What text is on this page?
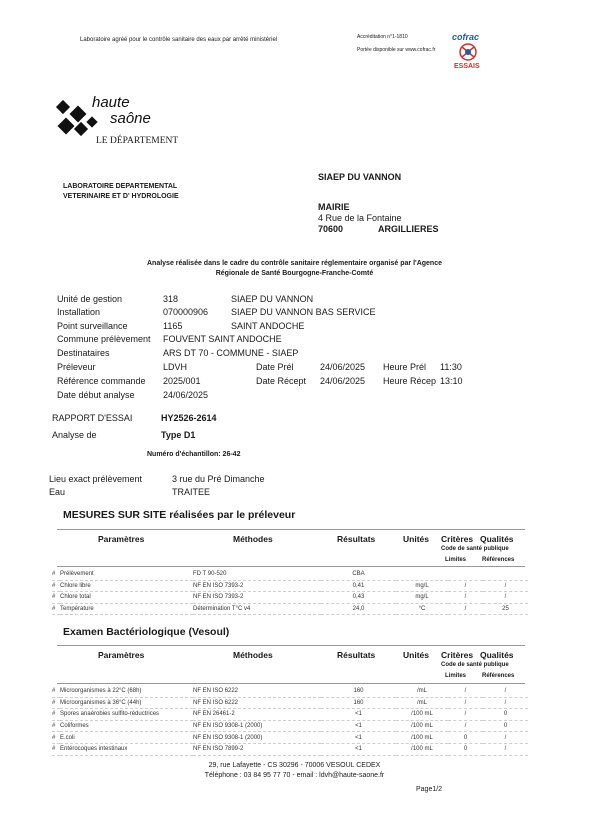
Laboratoire agréé pour le contrôle sanitaire des eaux par arrêté ministériel	Accréditation n°1-1810
Portée disponible sur www.cofrac.fr
cofrac
ESSAIS
haute
saône
LE DÉPARTEMENT
LABORATOIRE DEPARTEMENTAL
VETERINAIRE ET D' HYDROLOGIE
SIAEP DU VANNON
MAIRIE
4 Rue de la Fontaine
70600	ARGILLIERES
Analyse réalisée dans le cadre du contrôle sanitaire réglementaire organisé par l'Agence
Régionale de Santé Bourgogne-Franche-Comté
Unité de gestion	318	SIAEP DU VANNON
Installation	070000906	SIAEP DU VANNON BAS SERVICE
Point surveillance	1165	SAINT ANDOCHE
Commune prélèvement FOUVENT SAINT ANDOCHE
Destinataires	ARS DT 70 - COMMUNE - SIAEP
Préleveur	LDVH	Date Prél	24/06/2025 Heure Prél 11:30
Référence commande 2025/001	Date Récept 24/06/2025 Heure Récep 13:10
Date début analyse	24/06/2025
RAPPORT D'ESSAI	HY2526-2614
Analyse de	Type D1
Numéro d'échantillon: 26-42
Lieu exact prélèvement	3 rue du Pré Dimanche
Eau	TRAITEE
MESURES SUR SITE réalisées par le préleveur
Paramètres	Méthodes	Résultats	Unités Critères Qualités
Code de santé publique
Limites	Références
#	Prélèvement	FD T 90-520	CBA			
#	Chlore libre	NF EN ISO 7393-2	0,41	mg/L	/	/
#	Chlore total	NF EN ISO 7393-2	0,43	mg/L	/	/
#	Température	Détermination T°C v4	24,0	°C	/	25
Examen Bactériologique (Vesoul)
Paramètres	Méthodes	Résultats	Unités Critères Qualités
Code de santé publique
Limites	Références
#	Microorganismes à 22°C (68h)	NF EN ISO 6222	160	/mL	/	/
#	Microorganismes à 36°C (44h)	NF EN ISO 6222	160	/mL	/	/
#	Spores anaérobies sulfito-réductrices	NF EN 26461-2	<1	/100 mL	/	0
#	Coliformes	NF EN ISO 9308-1 (2000)	<1	/100 mL	/	0
#	E.coli	NF EN ISO 9308-1 (2000)	<1	/100 mL	0	/
#	Entérocoques intestinaux	NF EN ISO 7899-2	<1	/100 mL	0	/
29, rue Lafayette - CS 30296 - 70006 VESOUL CEDEX
Téléphone : 03 84 95 77 70 - email : ldvh@haute-saone.fr
Page1/2
